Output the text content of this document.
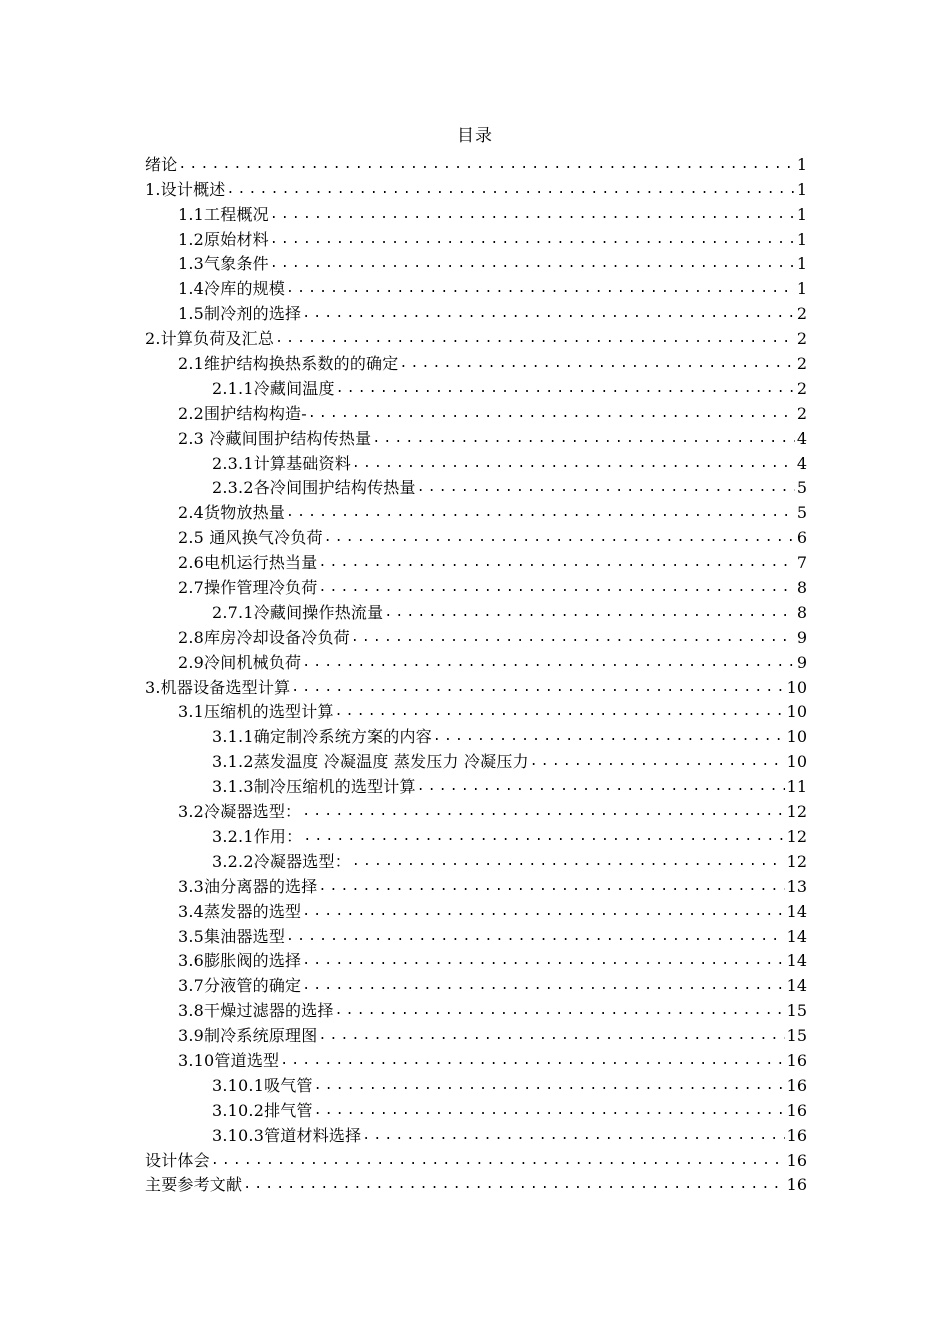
目录
绪论 .....	1
1.设计概述 .....	1
1.1工程概况 .....	1
1.2原始材料 .....	1
1.3气象条件 .....	1
1.4冷库的规模 .....	1
1.5制冷剂的选择 .....	2
2.计算负荷及汇总 .....	2
2.1维护结构换热系数的的确定 .....	2
2.1.1冷藏间温度 .....	2
2.2围护结构构造- .....	2
2.3 冷藏间围护结构传热量 .....	4
2.3.1计算基础资料 .....	4
2.3.2各冷间围护结构传热量 .....	5
2.4货物放热量 .....	5
2.5 通风换气冷负荷 .....	6
2.6电机运行热当量 .....	7
2.7操作管理冷负荷 .....	8
2.7.1冷藏间操作热流量 .....	8
2.8库房冷却设备冷负荷 .....	9
2.9冷间机械负荷 .....	9
3.机器设备选型计算 .....	10
3.1压缩机的选型计算 .....	10
3.1.1确定制冷系统方案的内容 .....	10
3.1.2蒸发温度 冷凝温度 蒸发压力 冷凝压力 .....	10
3.1.3制冷压缩机的选型计算 .....	11
3.2冷凝器选型： .....	12
3.2.1作用： .....	12
3.2.2冷凝器选型： .....	12
3.3油分离器的选择 .....	13
3.4蒸发器的选型 .....	14
3.5集油器选型 .....	14
3.6膨胀阀的选择 .....	14
3.7分液管的确定 .....	14
3.8干燥过滤器的选择 .....	15
3.9制冷系统原理图 .....	15
3.10管道选型 .....	16
3.10.1吸气管 .....	16
3.10.2排气管 .....	16
3.10.3管道材料选择 .....	16
设计体会 .....	16
主要参考文献 .....	16
